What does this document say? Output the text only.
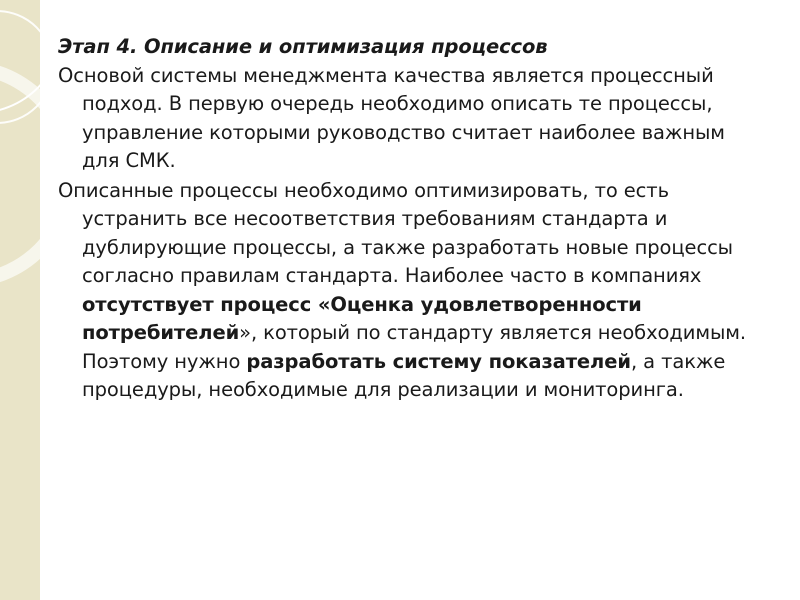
Этап 4. Описание и оптимизация процессов

Основой системы менеджмента качества является процессный подход. В первую очередь необходимо описать те процессы, управление которыми руководство считает наиболее важным для СМК.

Описанные процессы необходимо оптимизировать, то есть устранить все несоответствия требованиям стандарта и дублирующие процессы, а также разработать новые процессы согласно правилам стандарта. Наиболее часто в компаниях отсутствует процесс «Оценка удовлетворенности потребителей», который по стандарту является необходимым. Поэтому нужно разработать систему показателей, а также процедуры, необходимые для реализации и мониторинга.
